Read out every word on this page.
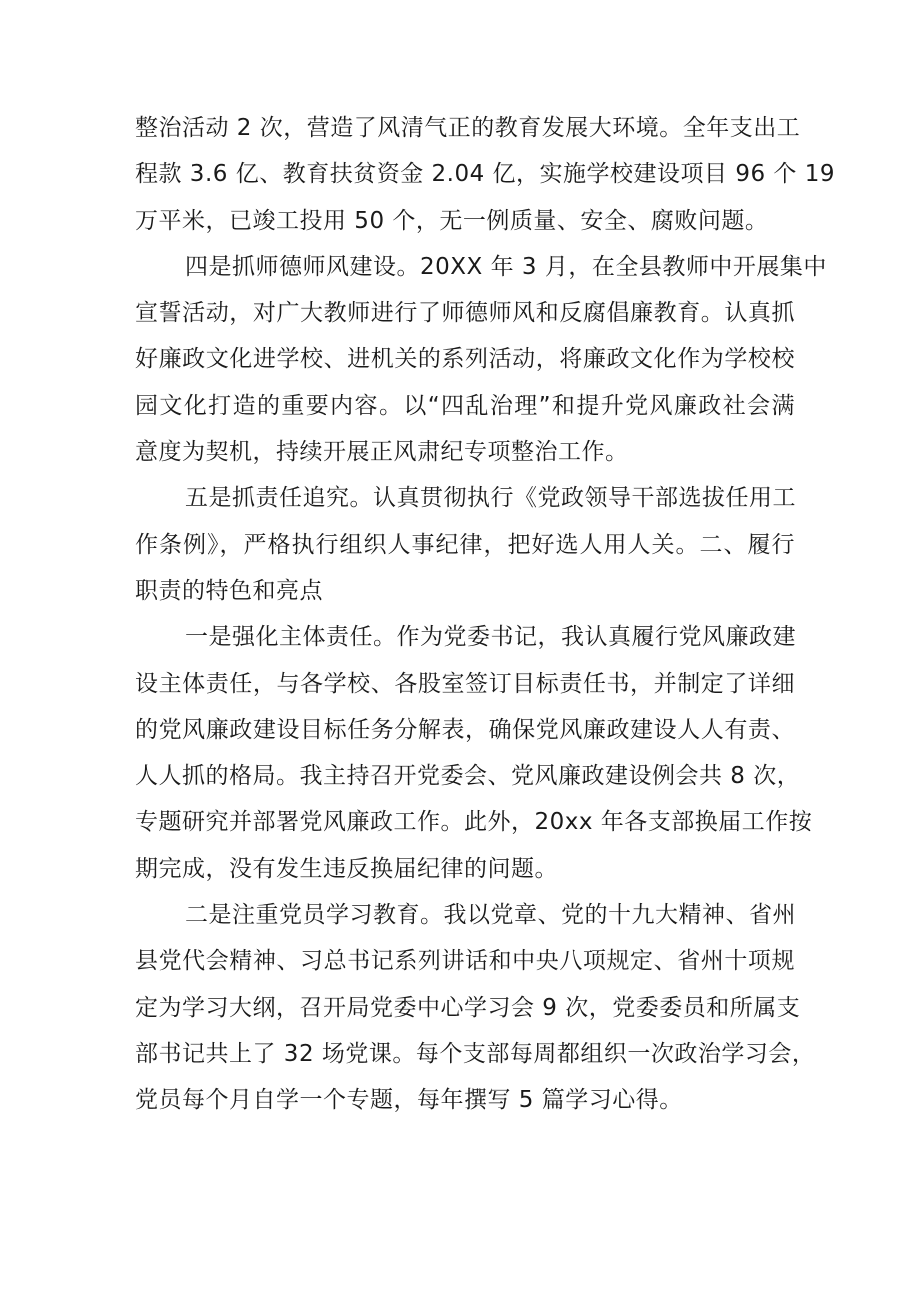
整治活动 2 次，营造了风清气正的教育发展大环境。全年支出工
程款 3.6 亿、教育扶贫资金 2.04 亿，实施学校建设项目 96 个 19
万平米，已竣工投用 50 个，无一例质量、安全、腐败问题。
四是抓师德师风建设。20XX 年 3 月，在全县教师中开展集中
宣誓活动，对广大教师进行了师德师风和反腐倡廉教育。认真抓
好廉政文化进学校、进机关的系列活动，将廉政文化作为学校校
园文化打造的重要内容。以“四乱治理”和提升党风廉政社会满
意度为契机，持续开展正风肃纪专项整治工作。
五是抓责任追究。认真贯彻执行《党政领导干部选拔任用工
作条例》，严格执行组织人事纪律，把好选人用人关。二、履行
职责的特色和亮点
一是强化主体责任。作为党委书记，我认真履行党风廉政建
设主体责任，与各学校、各股室签订目标责任书，并制定了详细
的党风廉政建设目标任务分解表，确保党风廉政建设人人有责、
人人抓的格局。我主持召开党委会、党风廉政建设例会共 8 次，
专题研究并部署党风廉政工作。此外，20xx 年各支部换届工作按
期完成，没有发生违反换届纪律的问题。
二是注重党员学习教育。我以党章、党的十九大精神、省州
县党代会精神、习总书记系列讲话和中央八项规定、省州十项规
定为学习大纲，召开局党委中心学习会 9 次，党委委员和所属支
部书记共上了 32 场党课。每个支部每周都组织一次政治学习会，
党员每个月自学一个专题，每年撰写 5 篇学习心得。
